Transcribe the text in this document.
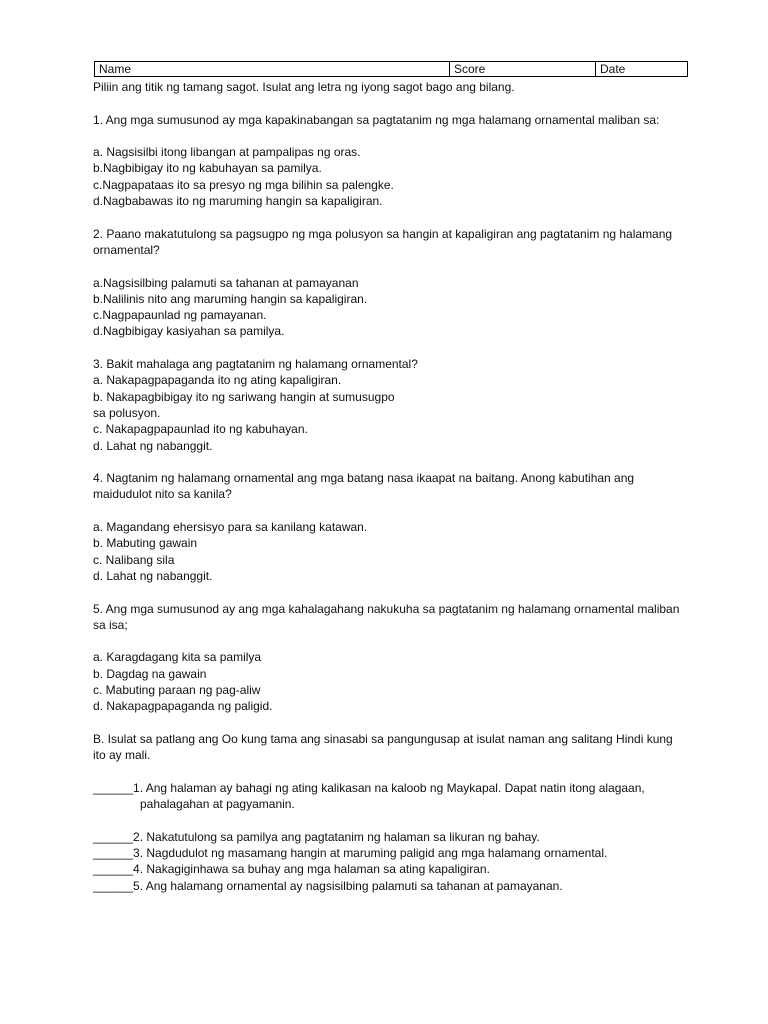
Name	Score	Date

Piliin ang titik ng tamang sagot. Isulat ang letra ng iyong sagot bago ang bilang.

1. Ang mga sumusunod ay mga kapakinabangan sa pagtatanim ng mga halamang ornamental maliban sa:

a. Nagsisilbi itong libangan at pampalipas ng oras.

b.Nagbibigay ito ng kabuhayan sa pamilya.

c.Nagpapataas ito sa presyo ng mga bilihin sa palengke.

d.Nagbabawas ito ng maruming hangin sa kapaligiran.

2. Paano makatutulong sa pagsugpo ng mga polusyon sa hangin at kapaligiran ang pagtatanim ng halamang

ornamental?

a.Nagsisilbing palamuti sa tahanan at pamayanan

b.Nalilinis nito ang maruming hangin sa kapaligiran.

c.Nagpapaunlad ng pamayanan.

d.Nagbibigay kasiyahan sa pamilya.

3. Bakit mahalaga ang pagtatanim ng halamang ornamental?

a. Nakapagpapaganda ito ng ating kapaligiran.

b. Nakapagbibigay ito ng sariwang hangin at sumusugpo

sa polusyon.

c. Nakapagpapaunlad ito ng kabuhayan.

d. Lahat ng nabanggit.

4. Nagtanim ng halamang ornamental ang mga batang nasa ikaapat na baitang. Anong kabutihan ang

maidudulot nito sa kanila?

a. Magandang ehersisyo para sa kanilang katawan.

b. Mabuting gawain

c. Nalibang sila

d. Lahat ng nabanggit.

5. Ang mga sumusunod ay ang mga kahalagahang nakukuha sa pagtatanim ng halamang ornamental maliban

sa isa;

a. Karagdagang kita sa pamilya

b. Dagdag na gawain

c. Mabuting paraan ng pag-aliw

d. Nakapagpapaganda ng paligid.

B. Isulat sa patlang ang Oo kung tama ang sinasabi sa pangungusap at isulat naman ang salitang Hindi kung

ito ay mali.

______1. Ang halaman ay bahagi ng ating kalikasan na kaloob ng Maykapal. Dapat natin itong alagaan,

pahalagahan at pagyamanin.

______2. Nakatutulong sa pamilya ang pagtatanim ng halaman sa likuran ng bahay.

______3. Nagdudulot ng masamang hangin at maruming paligid ang mga halamang ornamental.

______4. Nakagiginhawa sa buhay ang mga halaman sa ating kapaligiran.

______5. Ang halamang ornamental ay nagsisilbing palamuti sa tahanan at pamayanan.
